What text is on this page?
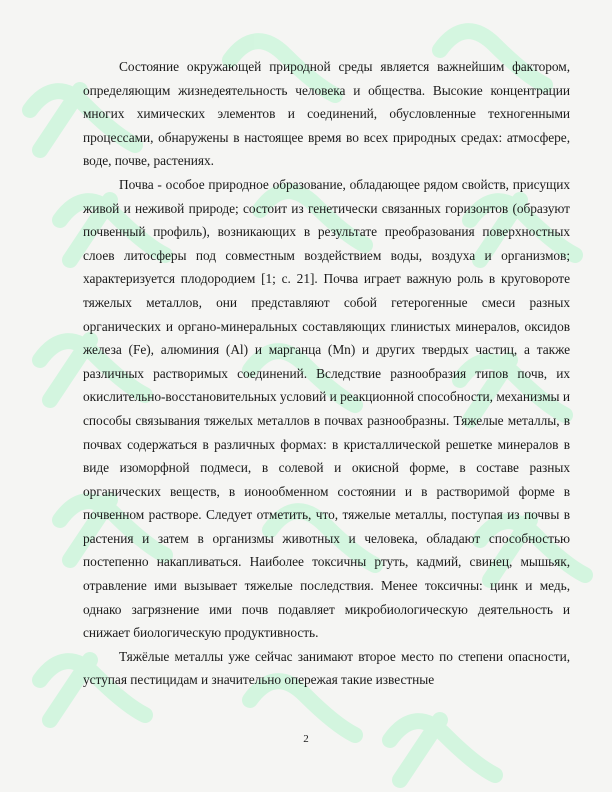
Состояние окружающей природной среды является важнейшим фактором, определяющим жизнедеятельность человека и общества. Высокие концентрации многих химических элементов и соединений, обусловленные техногенными процессами, обнаружены в настоящее время во всех природных средах: атмосфере, воде, почве, растениях.

Почва - особое природное образование, обладающее рядом свойств, присущих живой и неживой природе; состоит из генетически связанных горизонтов (образуют почвенный профиль), возникающих в результате преобразования поверхностных слоев литосферы под совместным воздействием воды, воздуха и организмов; характеризуется плодородием [1; с. 21]. Почва играет важную роль в круговороте тяжелых металлов, они представляют собой гетерогенные смеси разных органических и органо-минеральных составляющих глинистых минералов, оксидов железа (Fe), алюминия (Al) и марганца (Mn) и других твердых частиц, а также различных растворимых соединений. Вследствие разнообразия типов почв, их окислительно-восстановительных условий и реакционной способности, механизмы и способы связывания тяжелых металлов в почвах разнообразны. Тяжелые металлы, в почвах содержаться в различных формах: в кристаллической решетке минералов в виде изоморфной подмеси, в солевой и окисной форме, в составе разных органических веществ, в ионообменном состоянии и в растворимой форме в почвенном растворе. Следует отметить, что, тяжелые металлы, поступая из почвы в растения и затем в организмы животных и человека, обладают способностью постепенно накапливаться. Наиболее токсичны ртуть, кадмий, свинец, мышьяк, отравление ими вызывает тяжелые последствия. Менее токсичны: цинк и медь, однако загрязнение ими почв подавляет микробиологическую деятельность и снижает биологическую продуктивность.

Тяжёлые металлы уже сейчас занимают второе место по степени опасности, уступая пестицидам и значительно опережая такие известные

2
